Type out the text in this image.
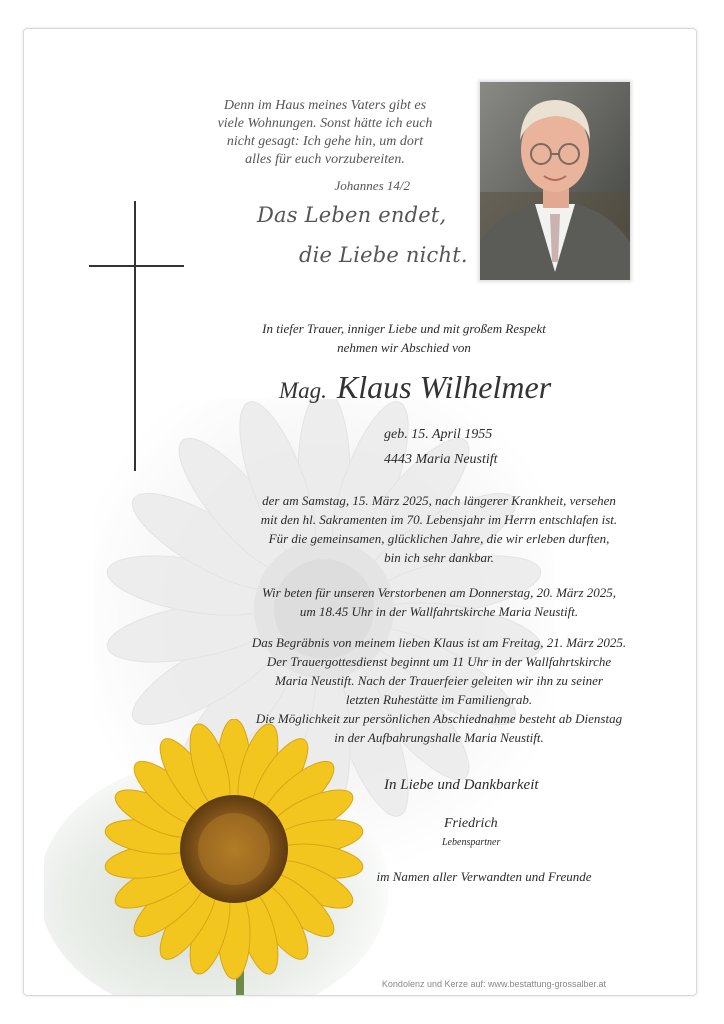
Denn im Haus meines Vaters gibt es
viele Wohnungen. Sonst hätte ich euch
nicht gesagt: Ich gehe hin, um dort
alles für euch vorzubereiten.

Johannes 14/2

Das Leben endet,

die Liebe nicht.

In tiefer Trauer, inniger Liebe und mit großem Respekt
nehmen wir Abschied von

Mag. Klaus Wilhelmer

geb. 15. April 1955

4443 Maria Neustift

der am Samstag, 15. März 2025, nach längerer Krankheit, versehen
mit den hl. Sakramenten im 70. Lebensjahr im Herrn entschlafen ist.
Für die gemeinsamen, glücklichen Jahre, die wir erleben durften,
bin ich sehr dankbar.

Wir beten für unseren Verstorbenen am Donnerstag, 20. März 2025,
um 18.45 Uhr in der Wallfahrtskirche Maria Neustift.

Das Begräbnis von meinem lieben Klaus ist am Freitag, 21. März 2025.
Der Trauergottesdienst beginnt um 11 Uhr in der Wallfahrtskirche
Maria Neustift. Nach der Trauerfeier geleiten wir ihn zu seiner
letzten Ruhestätte im Familiengrab.
Die Möglichkeit zur persönlichen Abschiednahme besteht ab Dienstag
in der Aufbahrungshalle Maria Neustift.

In Liebe und Dankbarkeit

Friedrich

Lebenspartner

im Namen aller Verwandten und Freunde

Kondolenz und Kerze auf: www.bestattung-grossalber.at
